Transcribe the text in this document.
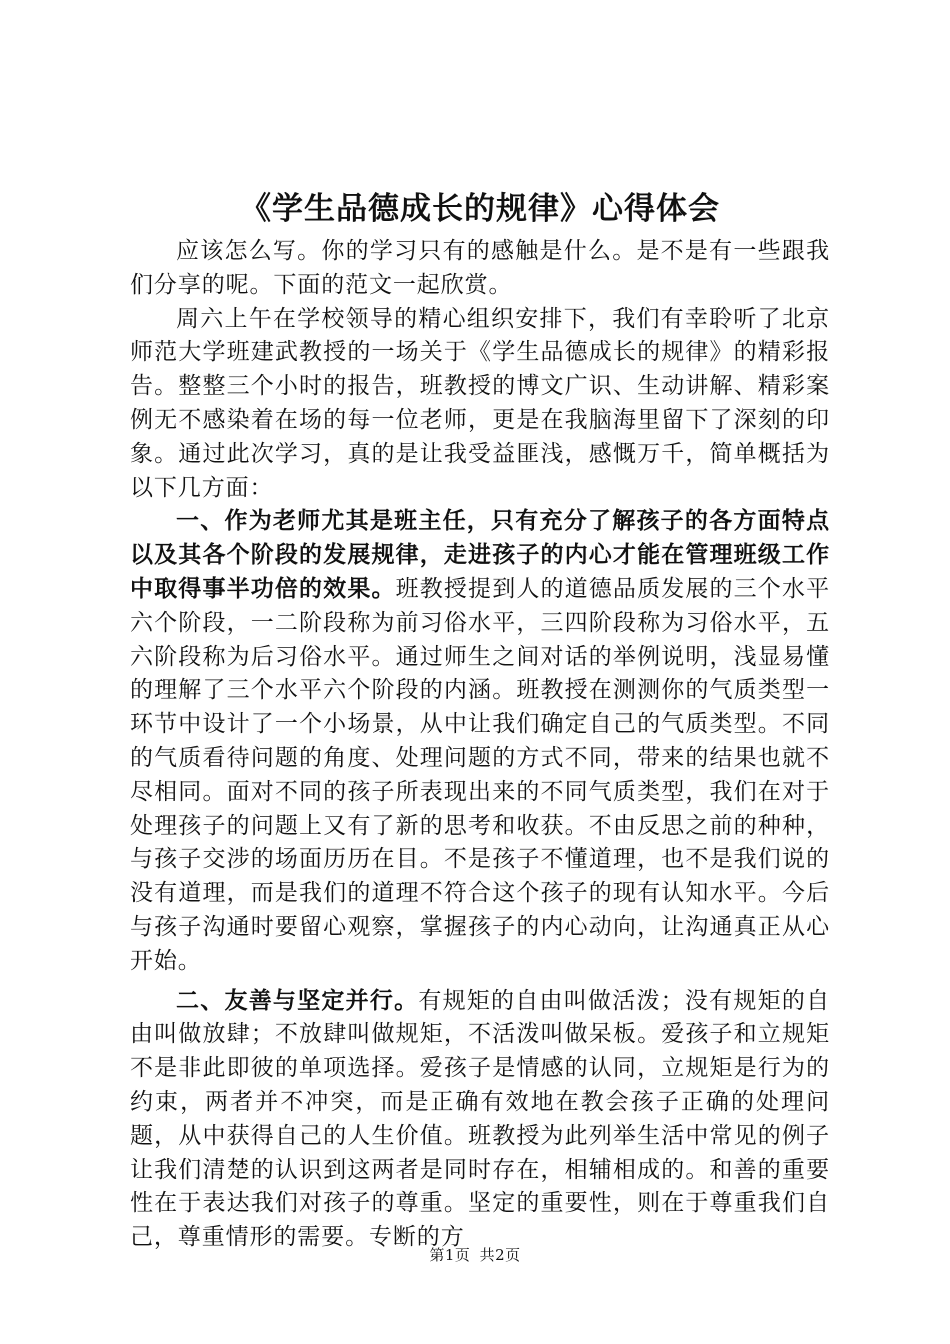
《学生品德成长的规律》心得体会

应该怎么写。你的学习只有的感触是什么。是不是有一些跟我们分享的呢。下面的范文一起欣赏。

周六上午在学校领导的精心组织安排下，我们有幸聆听了北京师范大学班建武教授的一场关于《学生品德成长的规律》的精彩报告。整整三个小时的报告，班教授的博文广识、生动讲解、精彩案例无不感染着在场的每一位老师，更是在我脑海里留下了深刻的印象。通过此次学习，真的是让我受益匪浅，感慨万千，简单概括为以下几方面：

一、作为老师尤其是班主任，只有充分了解孩子的各方面特点以及其各个阶段的发展规律，走进孩子的内心才能在管理班级工作中取得事半功倍的效果。班教授提到人的道德品质发展的三个水平六个阶段，一二阶段称为前习俗水平，三四阶段称为习俗水平，五六阶段称为后习俗水平。通过师生之间对话的举例说明，浅显易懂的理解了三个水平六个阶段的内涵。班教授在测测你的气质类型一环节中设计了一个小场景，从中让我们确定自己的气质类型。不同的气质看待问题的角度、处理问题的方式不同，带来的结果也就不尽相同。面对不同的孩子所表现出来的不同气质类型，我们在对于处理孩子的问题上又有了新的思考和收获。不由反思之前的种种，与孩子交涉的场面历历在目。不是孩子不懂道理，也不是我们说的没有道理，而是我们的道理不符合这个孩子的现有认知水平。今后与孩子沟通时要留心观察，掌握孩子的内心动向，让沟通真正从心开始。

二、友善与坚定并行。有规矩的自由叫做活泼；没有规矩的自由叫做放肆；不放肆叫做规矩，不活泼叫做呆板。爱孩子和立规矩不是非此即彼的单项选择。爱孩子是情感的认同，立规矩是行为的约束，两者并不冲突，而是正确有效地在教会孩子正确的处理问题，从中获得自己的人生价值。班教授为此列举生活中常见的例子让我们清楚的认识到这两者是同时存在，相辅相成的。和善的重要性在于表达我们对孩子的尊重。坚定的重要性，则在于尊重我们自己，尊重情形的需要。专断的方

第1页 共2页
